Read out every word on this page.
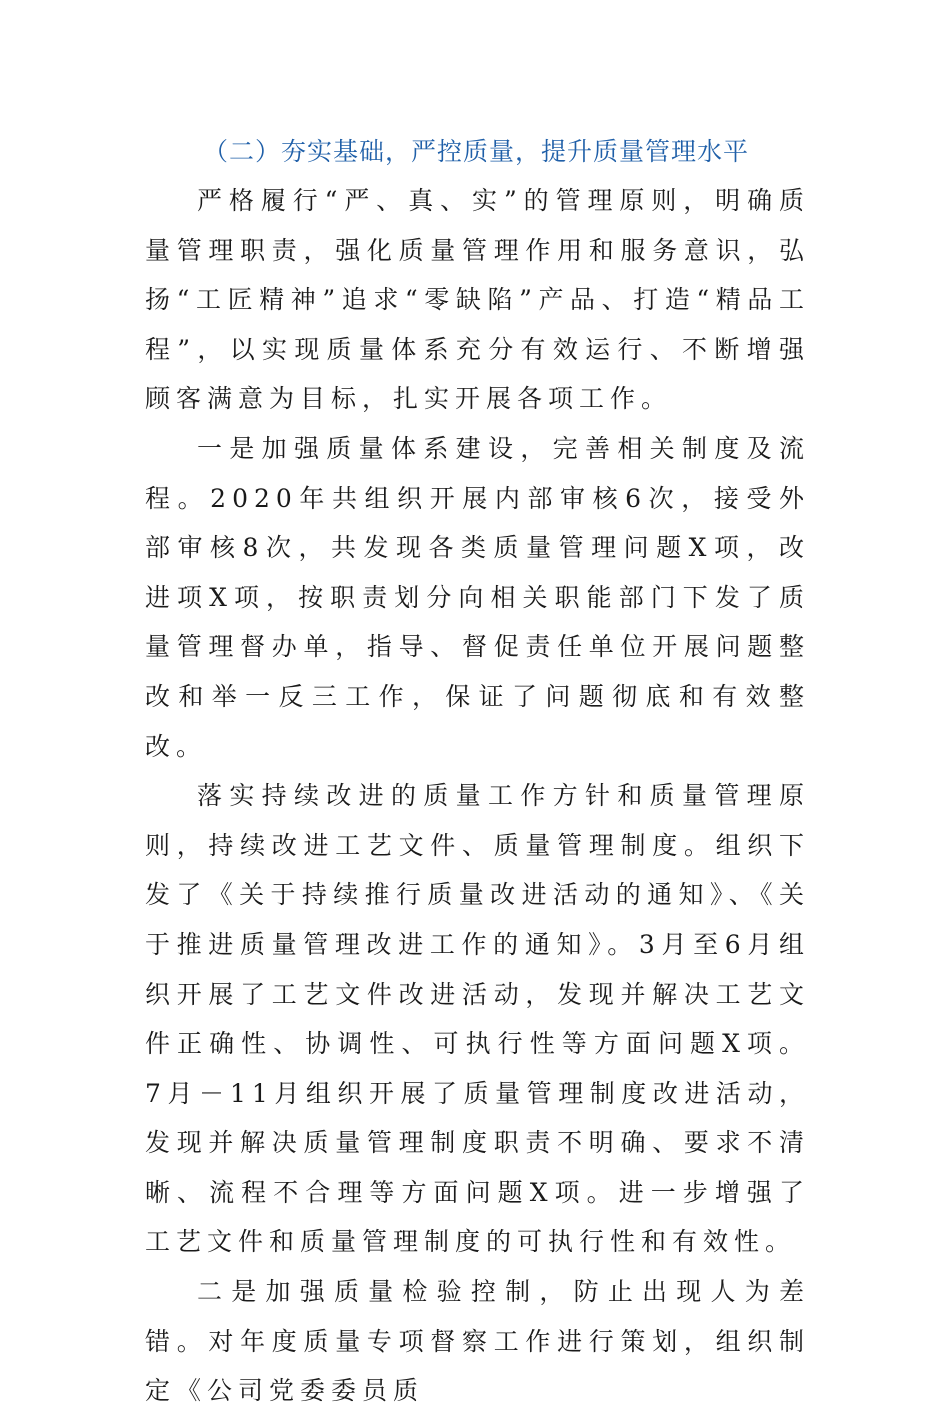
（二）夯实基础，严控质量，提升质量管理水平

严格履行“严、真、实”的管理原则，明确质量管理职责，强化质量管理作用和服务意识，弘扬“工匠精神”追求“零缺陷”产品、打造“精品工程”，以实现质量体系充分有效运行、不断增强顾客满意为目标，扎实开展各项工作。

一是加强质量体系建设，完善相关制度及流程。2020年共组织开展内部审核6次，接受外部审核8次，共发现各类质量管理问题X项，改进项X项，按职责划分向相关职能部门下发了质量管理督办单，指导、督促责任单位开展问题整改和举一反三工作，保证了问题彻底和有效整改。

落实持续改进的质量工作方针和质量管理原则，持续改进工艺文件、质量管理制度。组织下发了《关于持续推行质量改进活动的通知》、《关于推进质量管理改进工作的通知》。3月至6月组织开展了工艺文件改进活动，发现并解决工艺文件正确性、协调性、可执行性等方面问题X项。7月－11月组织开展了质量管理制度改进活动，发现并解决质量管理制度职责不明确、要求不清晰、流程不合理等方面问题X项。进一步增强了工艺文件和质量管理制度的可执行性和有效性。

二是加强质量检验控制，防止出现人为差错。对年度质量专项督察工作进行策划，组织制定《公司党委委员质
